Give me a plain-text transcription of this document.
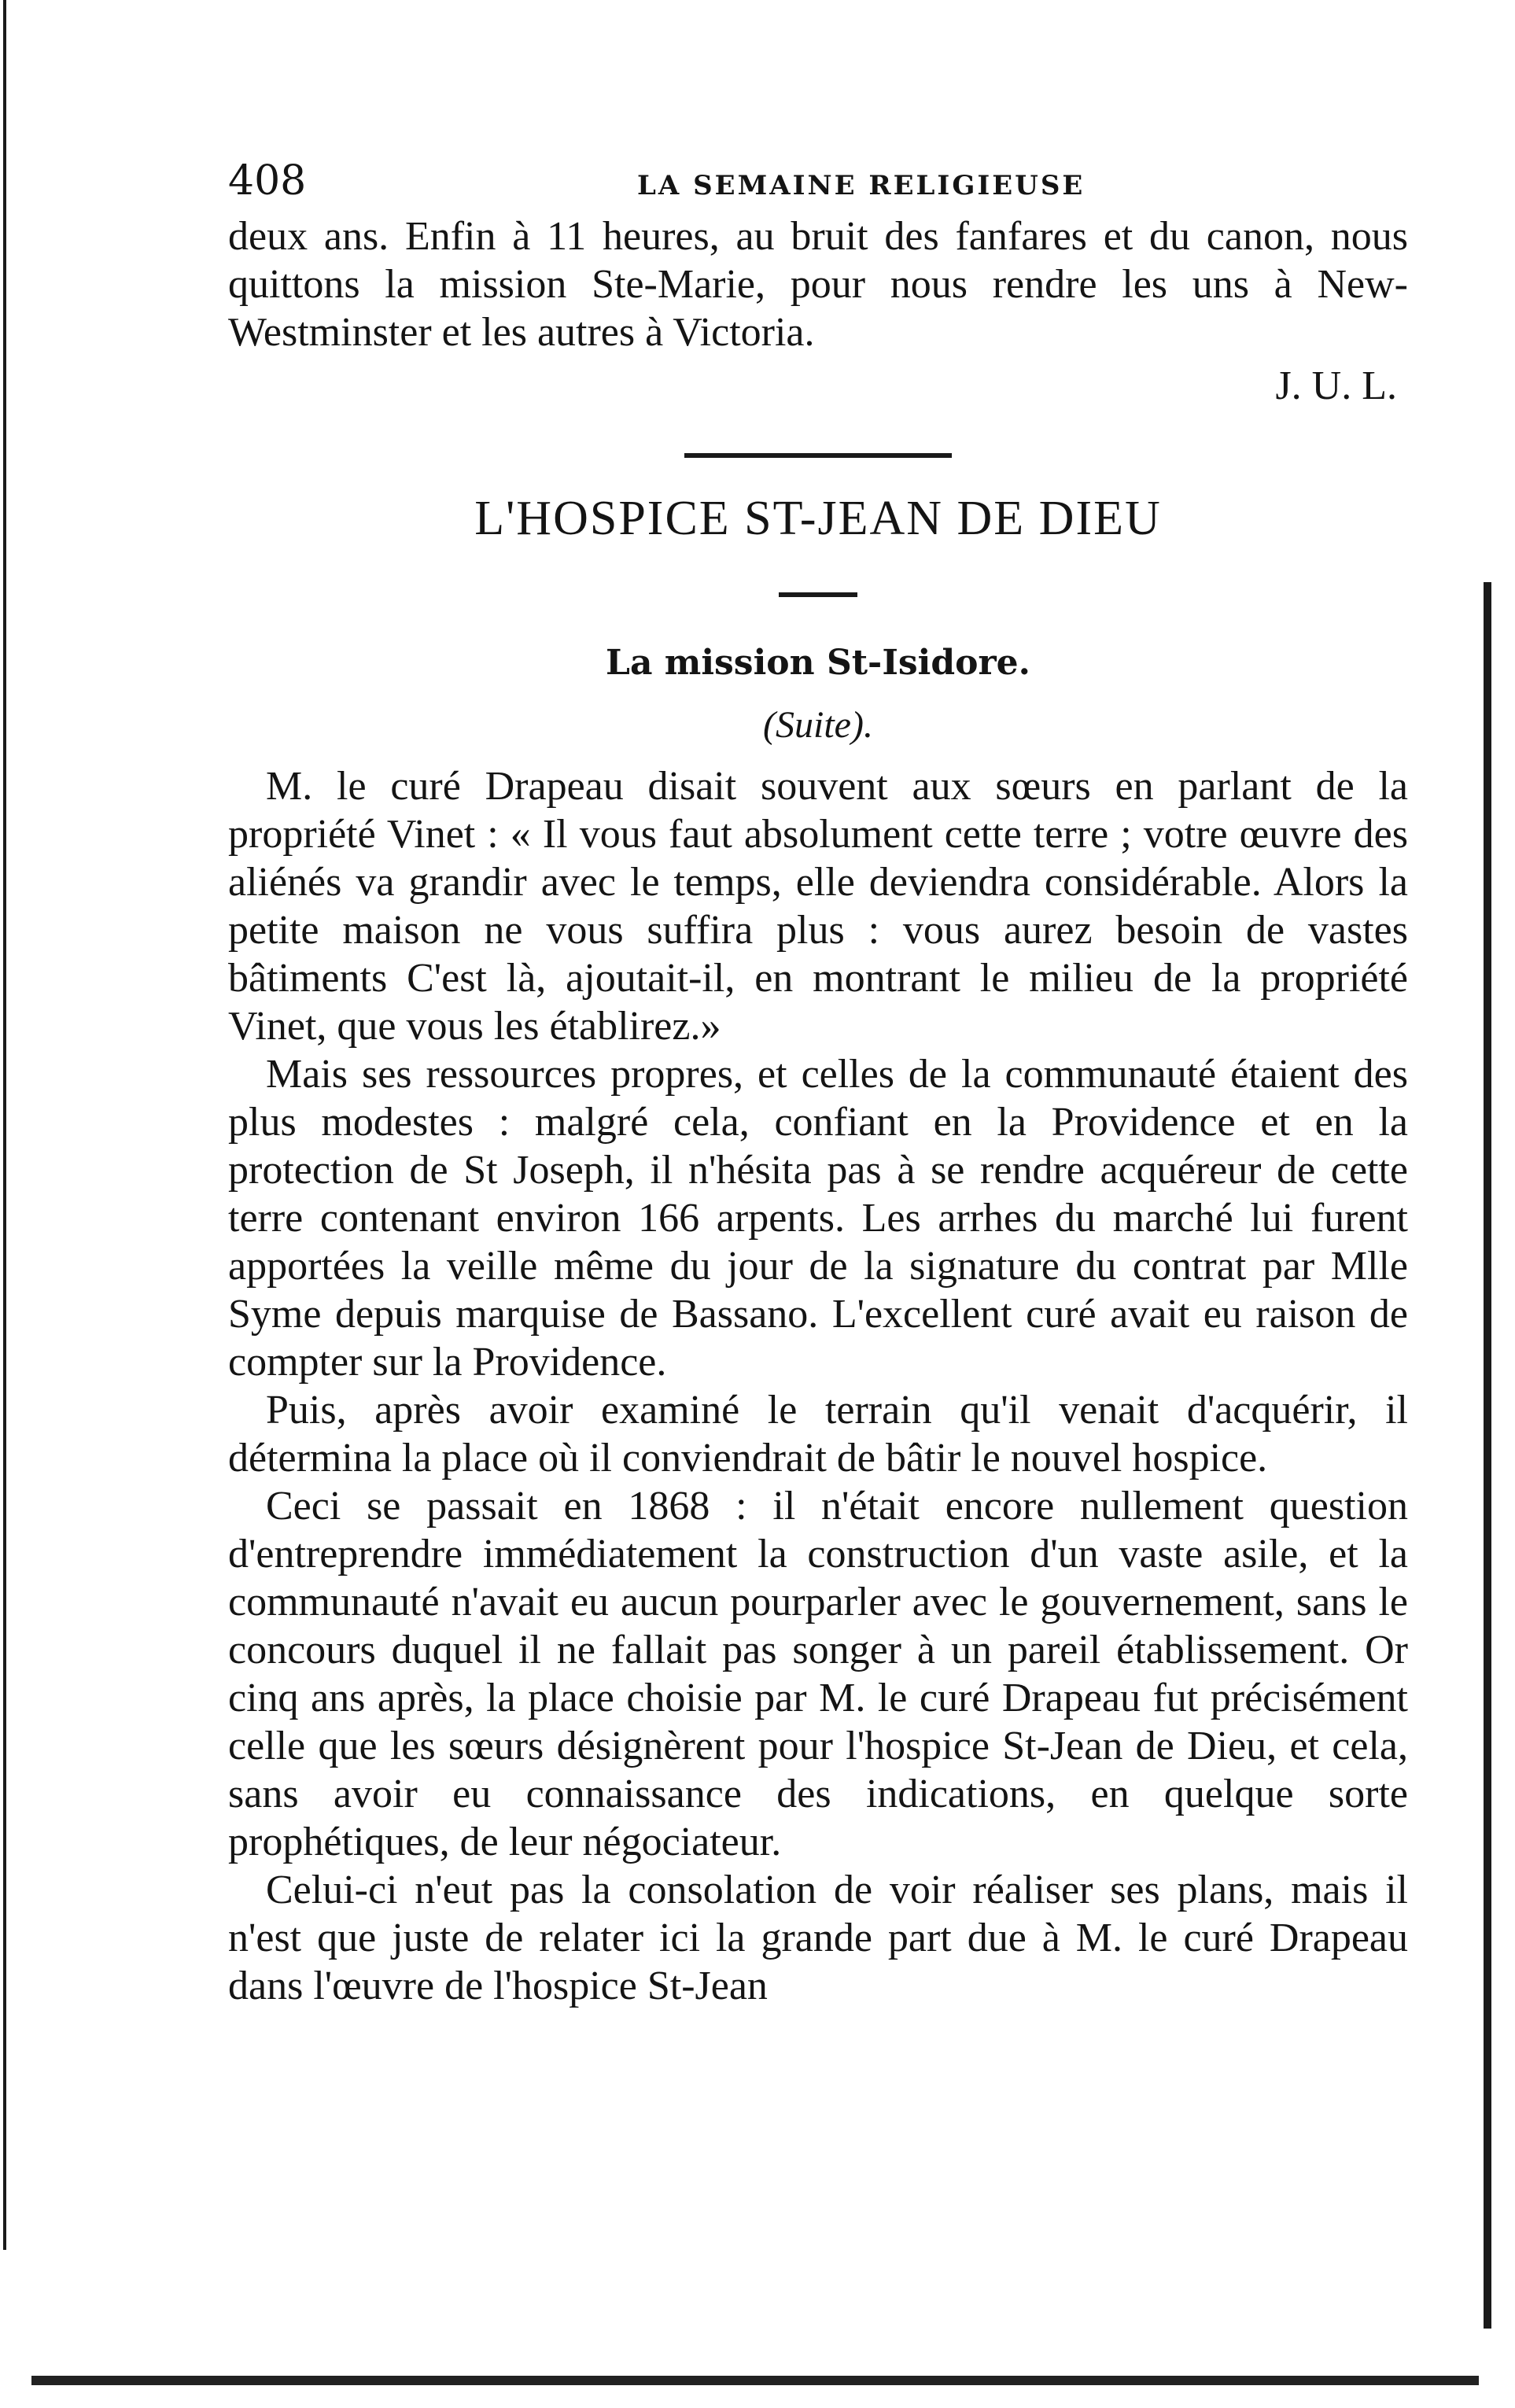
408	LA SEMAINE RELIGIEUSE

deux ans. Enfin à 11 heures, au bruit des fanfares et du canon, nous quittons la mission Ste-Marie, pour nous rendre les uns à New-Westminster et les autres à Victoria.

J. U. L.
L'HOSPICE ST-JEAN DE DIEU
La mission St-Isidore.
(Suite).

M. le curé Drapeau disait souvent aux sœurs en parlant de la propriété Vinet : « Il vous faut absolument cette terre ; votre œuvre des aliénés va grandir avec le temps, elle deviendra considérable. Alors la petite maison ne vous suffira plus : vous aurez besoin de vastes bâtiments C'est là, ajoutait-il, en montrant le milieu de la propriété Vinet, que vous les établirez.»

Mais ses ressources propres, et celles de la communauté étaient des plus modestes : malgré cela, confiant en la Providence et en la protection de St Joseph, il n'hésita pas à se rendre acquéreur de cette terre contenant environ 166 arpents. Les arrhes du marché lui furent apportées la veille même du jour de la signature du contrat par Mlle Syme depuis marquise de Bassano. L'excellent curé avait eu raison de compter sur la Providence.

Puis, après avoir examiné le terrain qu'il venait d'acquérir, il détermina la place où il conviendrait de bâtir le nouvel hospice.

Ceci se passait en 1868 : il n'était encore nullement question d'entreprendre immédiatement la construction d'un vaste asile, et la communauté n'avait eu aucun pourparler avec le gouvernement, sans le concours duquel il ne fallait pas songer à un pareil établissement. Or cinq ans après, la place choisie par M. le curé Drapeau fut précisément celle que les sœurs désignèrent pour l'hospice St-Jean de Dieu, et cela, sans avoir eu connaissance des indications, en quelque sorte prophétiques, de leur négociateur.

Celui-ci n'eut pas la consolation de voir réaliser ses plans, mais il n'est que juste de relater ici la grande part due à M. le curé Drapeau dans l'œuvre de l'hospice St-Jean
